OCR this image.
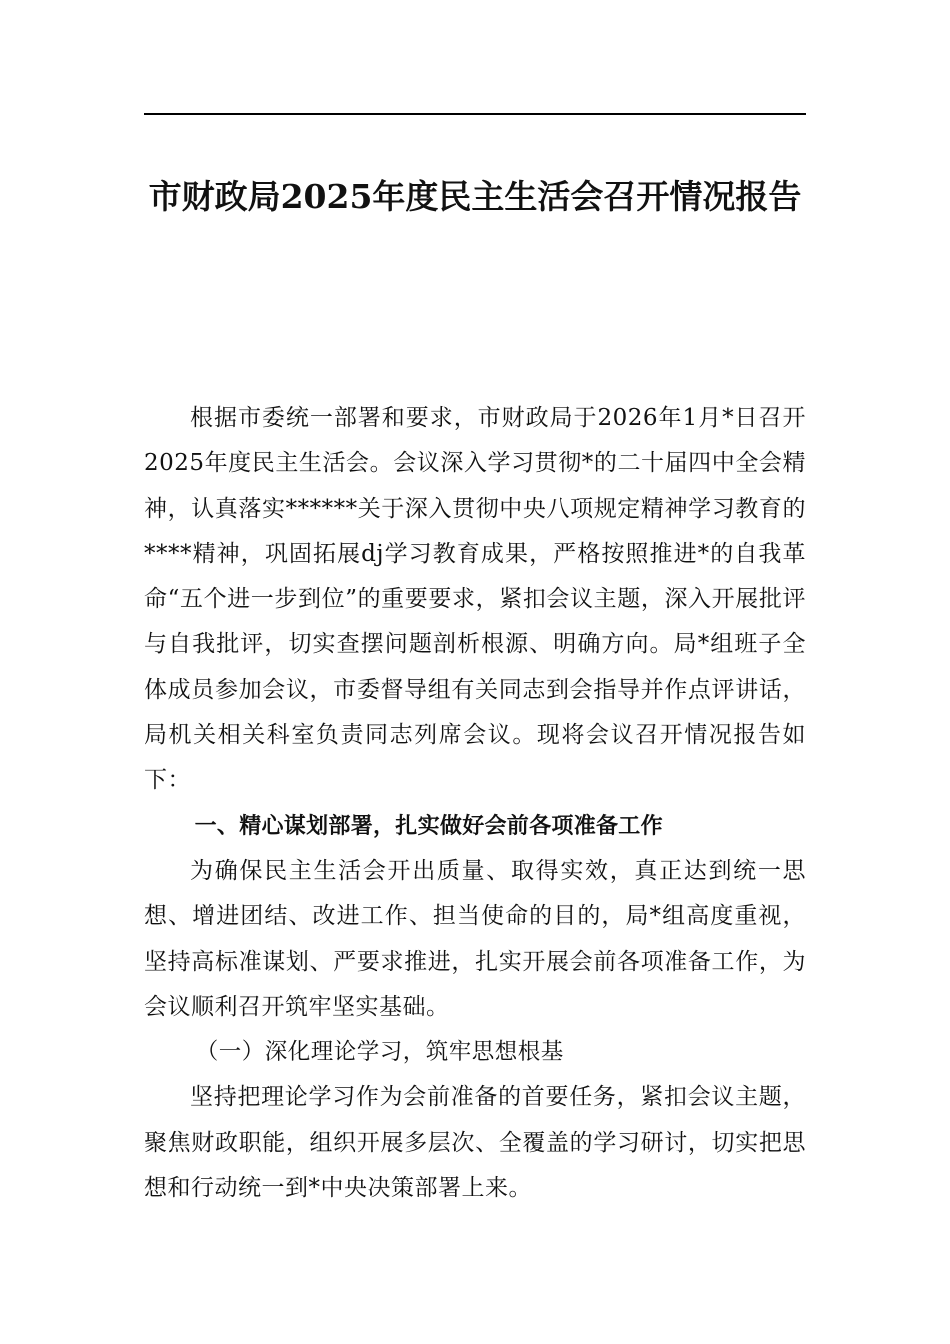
市财政局2025年度民主生活会召开情况报告

根据市委统一部署和要求，市财政局于2026年1月*日召开2025年度民主生活会。会议深入学习贯彻*的二十届四中全会精神，认真落实******关于深入贯彻中央八项规定精神学习教育的****精神，巩固拓展dj学习教育成果，严格按照推进*的自我革命“五个进一步到位”的重要要求，紧扣会议主题，深入开展批评与自我批评，切实查摆问题剖析根源、明确方向。局*组班子全体成员参加会议，市委督导组有关同志到会指导并作点评讲话，局机关相关科室负责同志列席会议。现将会议召开情况报告如下：

一、精心谋划部署，扎实做好会前各项准备工作

为确保民主生活会开出质量、取得实效，真正达到统一思想、增进团结、改进工作、担当使命的目的，局*组高度重视，坚持高标准谋划、严要求推进，扎实开展会前各项准备工作，为会议顺利召开筑牢坚实基础。

（一）深化理论学习，筑牢思想根基

坚持把理论学习作为会前准备的首要任务，紧扣会议主题，聚焦财政职能，组织开展多层次、全覆盖的学习研讨，切实把思想和行动统一到*中央决策部署上来。
